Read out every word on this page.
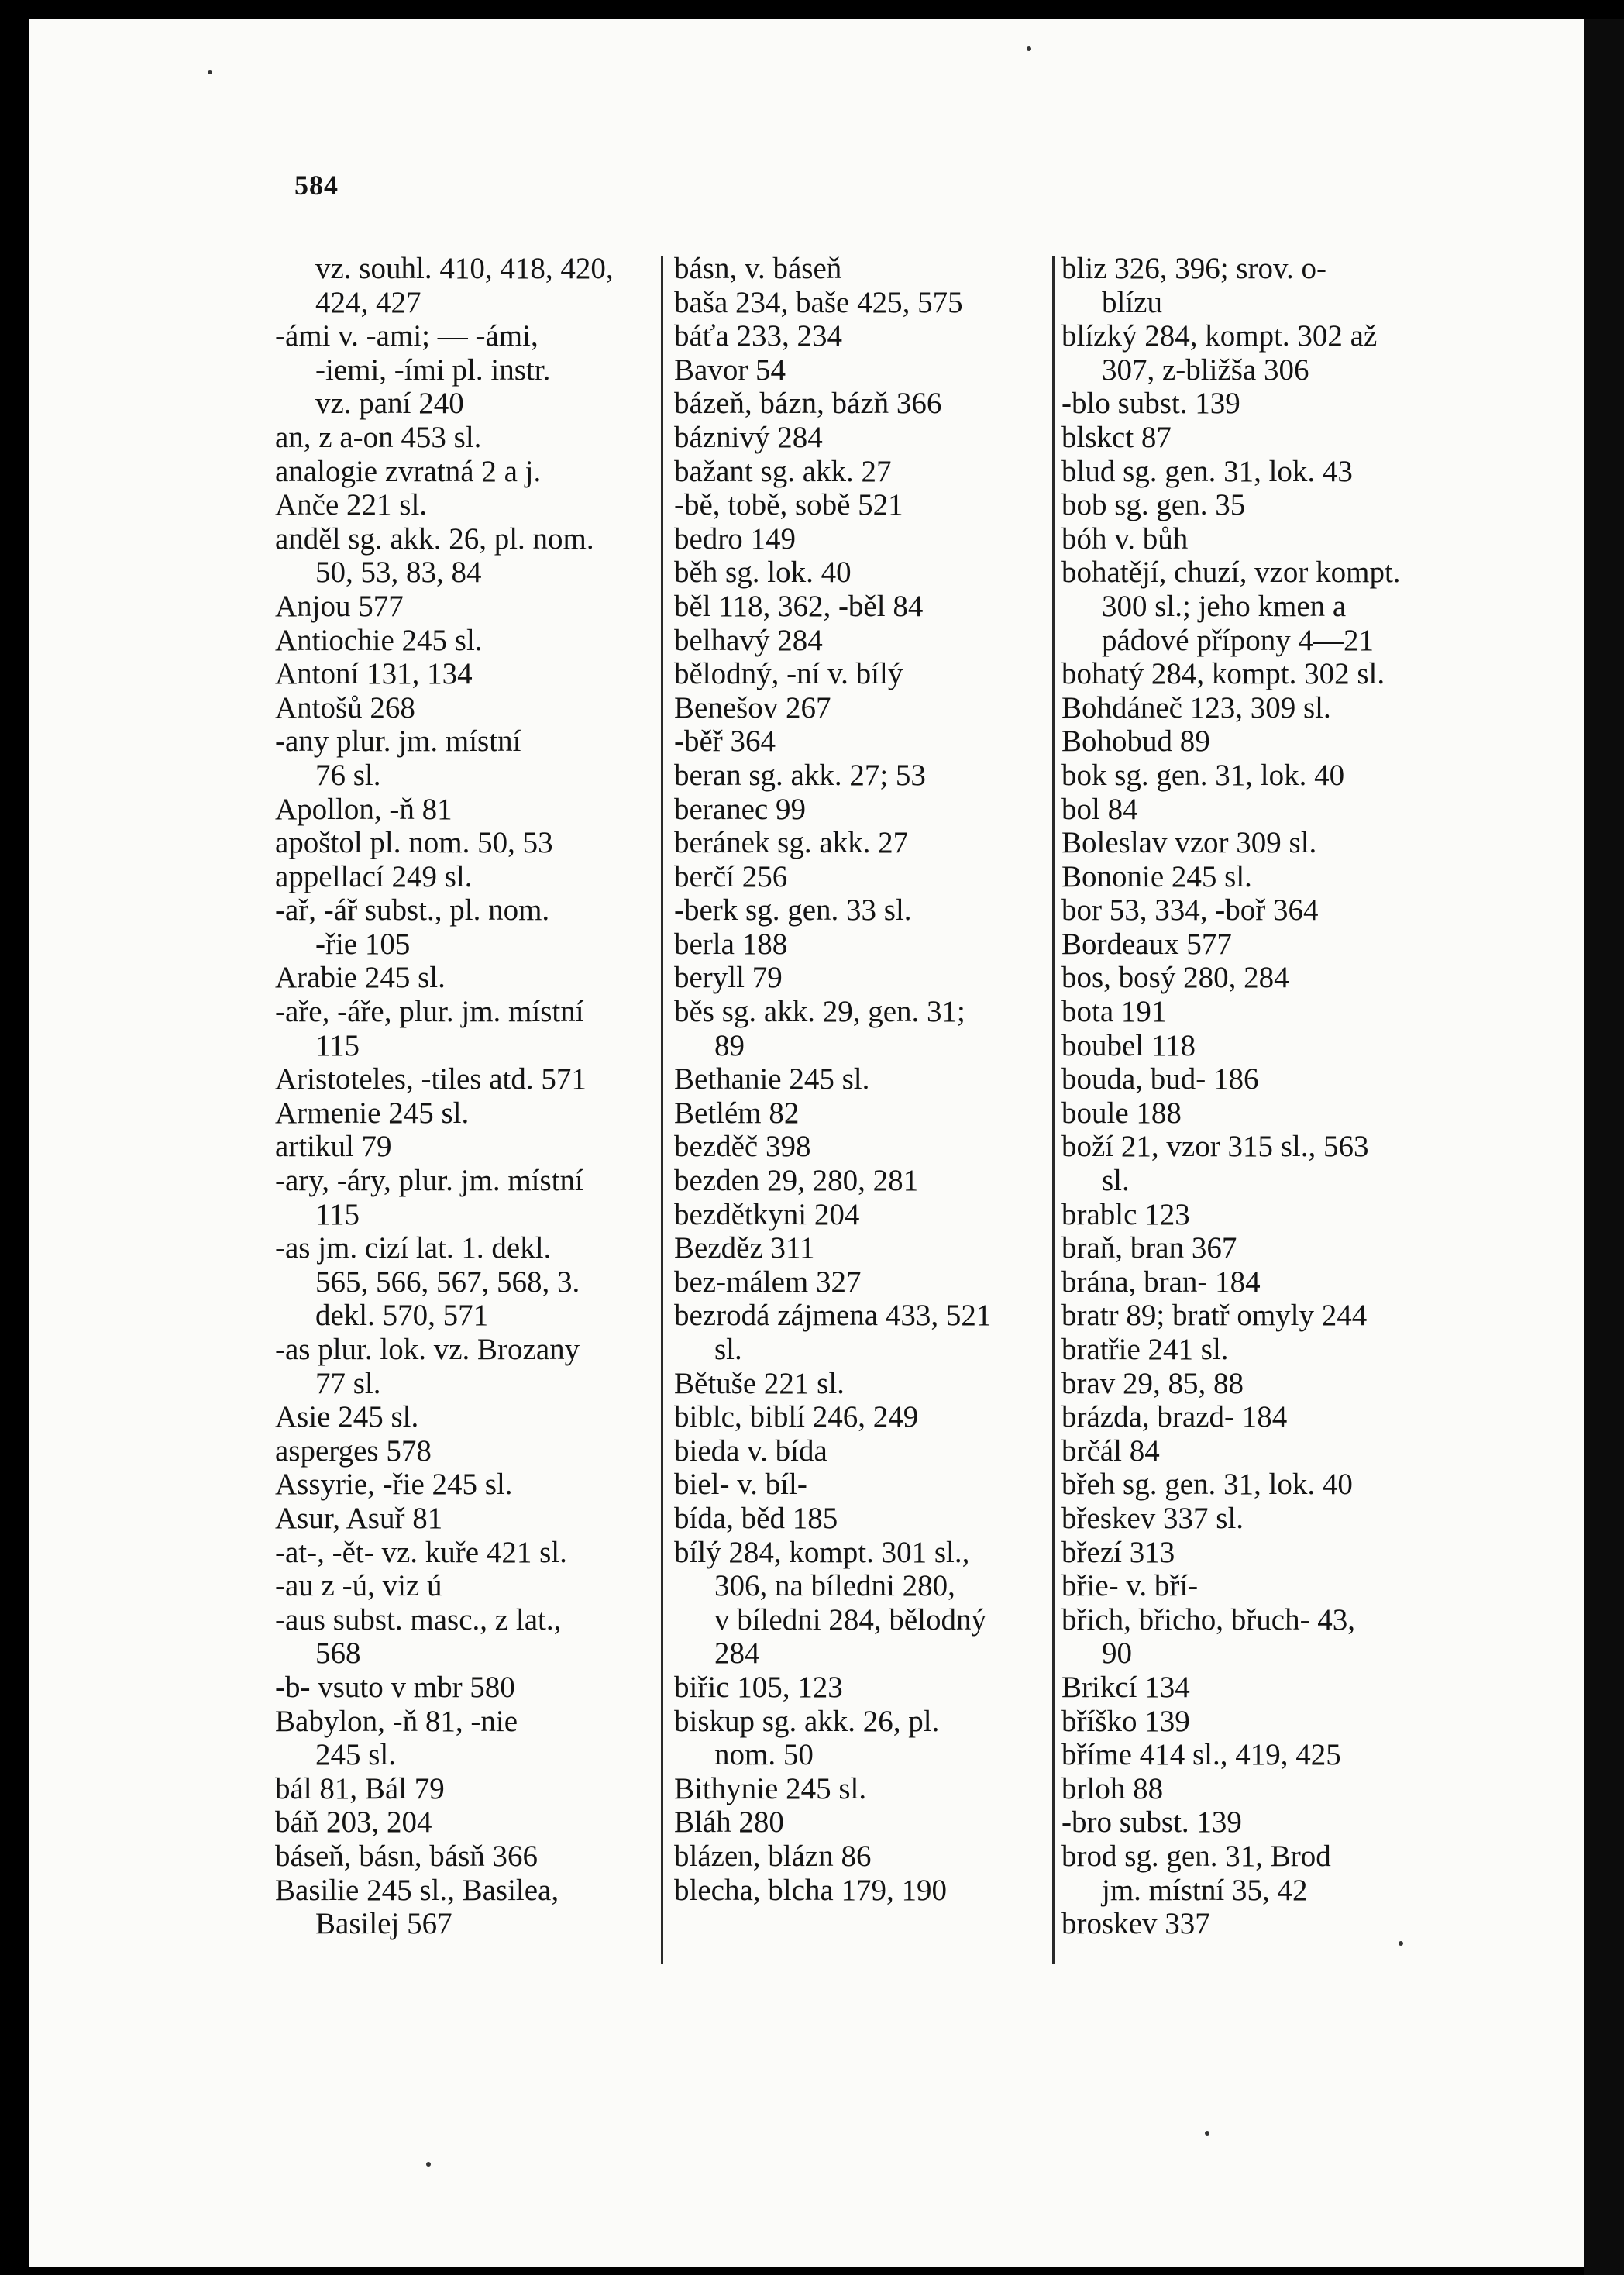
584
vz. souhl. 410, 418, 420,
424, 427
-ámi v. -ami; — -ámi,
-iemi, -ími pl. instr.
vz. paní 240
an, z a-on 453 sl.
analogie zvratná 2 a j.
Anče 221 sl.
anděl sg. akk. 26, pl. nom.
50, 53, 83, 84
Anjou 577
Antiochie 245 sl.
Antoní 131, 134
Antošů 268
-any plur. jm. místní
76 sl.
Apollon, -ň 81
apoštol pl. nom. 50, 53
appellací 249 sl.
-ař, -ář subst., pl. nom.
-řie 105
Arabie 245 sl.
-aře, -áře, plur. jm. místní
115
Aristoteles, -tiles atd. 571
Armenie 245 sl.
artikul 79
-ary, -áry, plur. jm. místní
115
-as jm. cizí lat. 1. dekl.
565, 566, 567, 568, 3.
dekl. 570, 571
-as plur. lok. vz. Brozany
77 sl.
Asie 245 sl.
asperges 578
Assyrie, -řie 245 sl.
Asur, Asuř 81
-at-, -ět- vz. kuře 421 sl.
-au z -ú, viz ú
-aus subst. masc., z lat.,
568
-b- vsuto v mbr 580
Babylon, -ň 81, -nie
245 sl.
bál 81, Bál 79
báň 203, 204
báseň, básn, básň 366
Basilie 245 sl., Basilea,
Basilej 567
básn, v. báseň
baša 234, baše 425, 575
báťa 233, 234
Bavor 54
bázeň, bázn, bázň 366
báznivý 284
bažant sg. akk. 27
-bě, tobě, sobě 521
bedro 149
běh sg. lok. 40
běl 118, 362, -běl 84
belhavý 284
bělodný, -ní v. bílý
Benešov 267
-běř 364
beran sg. akk. 27; 53
beranec 99
beránek sg. akk. 27
berčí 256
-berk sg. gen. 33 sl.
berla 188
beryll 79
běs sg. akk. 29, gen. 31;
89
Bethanie 245 sl.
Betlém 82
bezděč 398
bezden 29, 280, 281
bezdětkyni 204
Bezděz 311
bez-málem 327
bezrodá zájmena 433, 521
sl.
Bětuše 221 sl.
biblc, biblí 246, 249
bieda v. bída
biel- v. bíl-
bída, běd 185
bílý 284, kompt. 301 sl.,
306, na bíledni 280,
v bíledni 284, bělodný
284
biřic 105, 123
biskup sg. akk. 26, pl.
nom. 50
Bithynie 245 sl.
Bláh 280
blázen, blázn 86
blecha, blcha 179, 190
bliz 326, 396; srov. o-
blízu
blízký 284, kompt. 302 až
307, z-bližša 306
-blo subst. 139
blskct 87
blud sg. gen. 31, lok. 43
bob sg. gen. 35
bóh v. bůh
bohatějí, chuzí, vzor kompt.
300 sl.; jeho kmen a
pádové přípony 4—21
bohatý 284, kompt. 302 sl.
Bohdáneč 123, 309 sl.
Bohobud 89
bok sg. gen. 31, lok. 40
bol 84
Boleslav vzor 309 sl.
Bononie 245 sl.
bor 53, 334, -boř 364
Bordeaux 577
bos, bosý 280, 284
bota 191
boubel 118
bouda, bud- 186
boule 188
boží 21, vzor 315 sl., 563
sl.
brablc 123
braň, bran 367
brána, bran- 184
bratr 89; bratř omyly 244
bratřie 241 sl.
brav 29, 85, 88
brázda, brazd- 184
brčál 84
břeh sg. gen. 31, lok. 40
břeskev 337 sl.
březí 313
břie- v. bří-
břich, břicho, břuch- 43,
90
Brikcí 134
bříško 139
bříme 414 sl., 419, 425
brloh 88
-bro subst. 139
brod sg. gen. 31, Brod
jm. místní 35, 42
broskev 337
